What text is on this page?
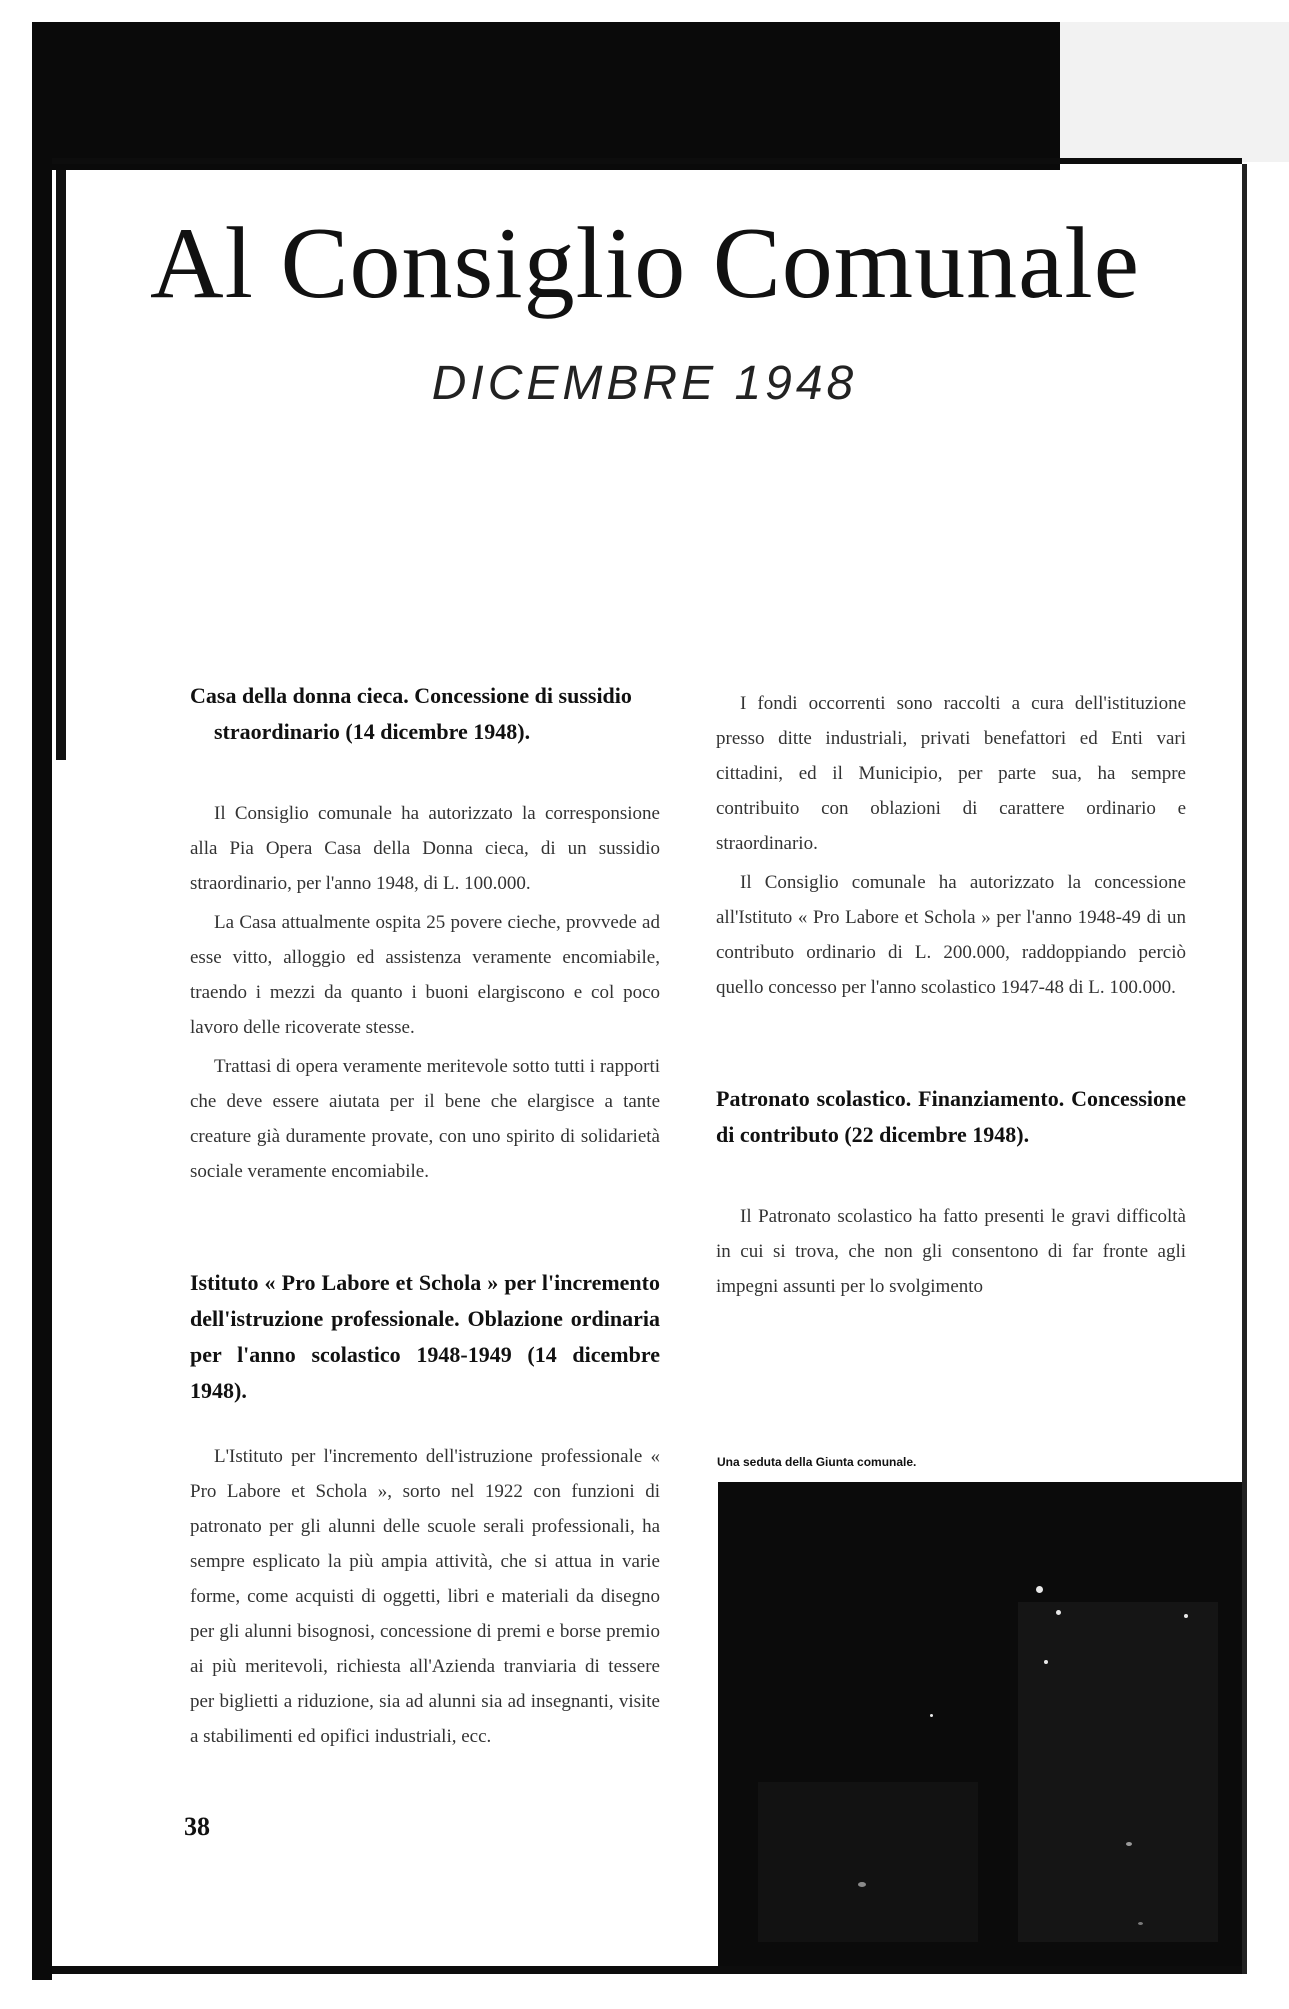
Al Consiglio Comunale
DICEMBRE 1948

Casa della donna cieca. Concessione di sussidio
straordinario (14 dicembre 1948).

Il Consiglio comunale ha autorizzato la corresponsione alla Pia Opera Casa della Donna cieca, di un sussidio straordinario, per l'anno 1948, di L. 100.000.

La Casa attualmente ospita 25 povere cieche, provvede ad esse vitto, alloggio ed assistenza veramente encomiabile, traendo i mezzi da quanto i buoni elargiscono e col poco lavoro delle ricoverate stesse.

Trattasi di opera veramente meritevole sotto tutti i rapporti che deve essere aiutata per il bene che elargisce a tante creature già duramente provate, con uno spirito di solidarietà sociale veramente encomiabile.

Istituto « Pro Labore et Schola » per l'incremento dell'istruzione professionale. Oblazione ordinaria per l'anno scolastico 1948-1949 (14 dicembre 1948).

L'Istituto per l'incremento dell'istruzione professionale « Pro Labore et Schola », sorto nel 1922 con funzioni di patronato per gli alunni delle scuole serali professionali, ha sempre esplicato la più ampia attività, che si attua in varie forme, come acquisti di oggetti, libri e materiali da disegno per gli alunni bisognosi, concessione di premi e borse premio ai più meritevoli, richiesta all'Azienda tranviaria di tessere per biglietti a riduzione, sia ad alunni sia ad insegnanti, visite a stabilimenti ed opifici industriali, ecc.

I fondi occorrenti sono raccolti a cura dell'istituzione presso ditte industriali, privati benefattori ed Enti vari cittadini, ed il Municipio, per parte sua, ha sempre contribuito con oblazioni di carattere ordinario e straordinario.

Il Consiglio comunale ha autorizzato la concessione all'Istituto « Pro Labore et Schola » per l'anno 1948-49 di un contributo ordinario di L. 200.000, raddoppiando perciò quello concesso per l'anno scolastico 1947-48 di L. 100.000.

Patronato scolastico. Finanziamento. Concessione di contributo (22 dicembre 1948).

Il Patronato scolastico ha fatto presenti le gravi difficoltà in cui si trova, che non gli consentono di far fronte agli impegni assunti per lo svolgimento

Una seduta della Giunta comunale.
38
